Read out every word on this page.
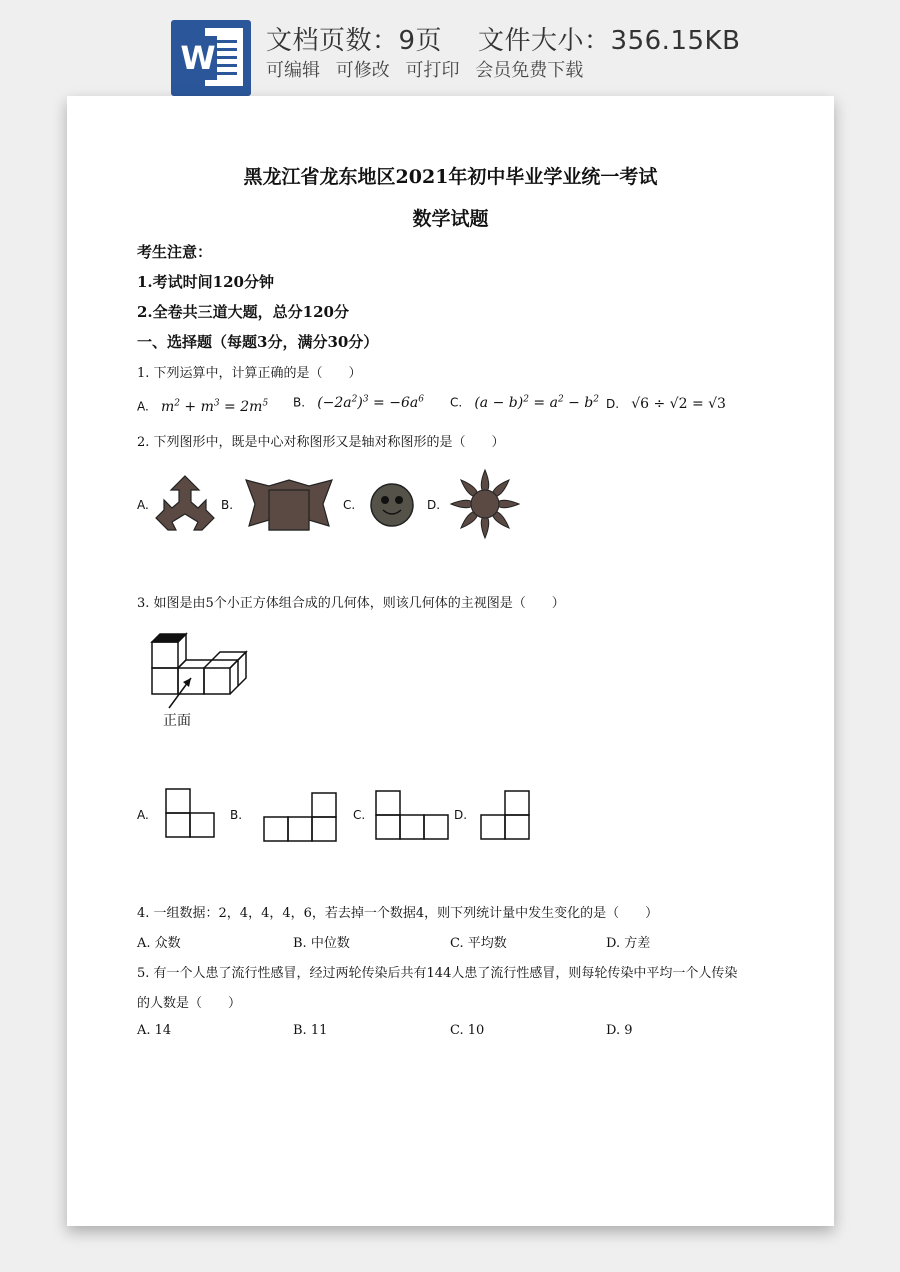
W 文档页数：9页 文件大小：356.15KB
可编辑 可修改 可打印 会员免费下载
黑龙江省龙东地区2021年初中毕业学业统一考试
数学试题
考生注意：
1.考试时间120分钟
2.全卷共三道大题，总分120分
一、选择题（每题3分，满分30分）
1. 下列运算中，计算正确的是（　　）
A. $m^2 + m^3 = 2m^5$ B. $(-2a^2)^3 = -6a^6$ C. $(a - b)^2 = a^2 - b^2$ D. √6 ÷ √2 = √3
2. 下列图形中，既是中心对称图形又是轴对称图形的是（　　）
A.	B.	C.	D.
3. 如图是由5个小正方体组合成的几何体，则该几何体的主视图是（　　）
正面
A.	B.	C.	D.
4. 一组数据：2，4，4，4，6，若去掉一个数据4，则下列统计量中发生变化的是（　　）
A. 众数	B. 中位数	C. 平均数	D. 方差
5. 有一个人患了流行性感冒，经过两轮传染后共有144人患了流行性感冒，则每轮传染中平均一个人传染
的人数是（　　）
A. 14	B. 11	C. 10	D. 9
